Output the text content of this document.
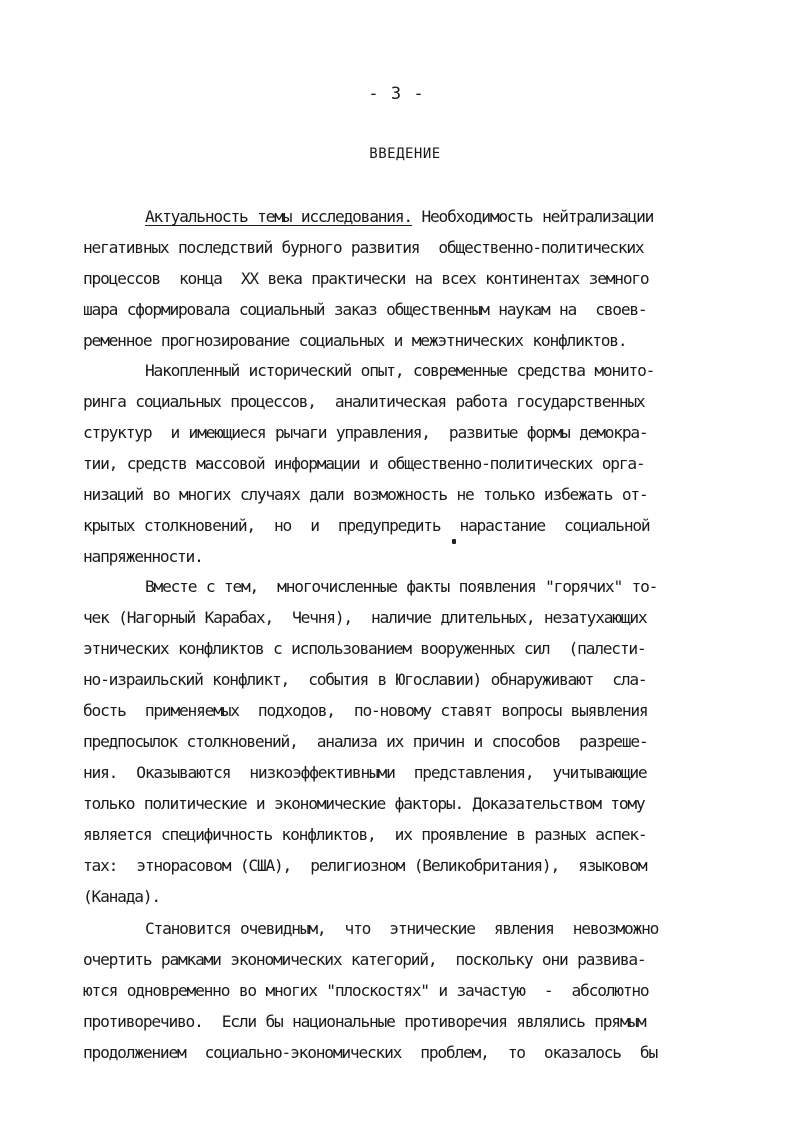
- 3 -
ВВЕДЕНИЕ
Актуальность темы исследования. Необходимость нейтрализации
негативных последствий бурного развития  общественно-политических
процессов  конца  XX века практически на всех континентах земного
шара сформировала социальный заказ общественным наукам на  своев-
ременное прогнозирование социальных и межэтнических конфликтов.
Накопленный исторический опыт, современные средства монито-
ринга социальных процессов,  аналитическая работа государственных
структур  и имеющиеся рычаги управления,  развитые формы демокра-
тии, средств массовой информации и общественно-политических орга-
низаций во многих случаях дали возможность не только избежать от-
крытых столкновений,  но  и  предупредить  нарастание  социальной
напряженности.
Вместе с тем,  многочисленные факты появления "горячих" то-
чек (Нагорный Карабах,  Чечня),  наличие длительных, незатухающих
этнических конфликтов с использованием вооруженных сил  (палести-
но-израильский конфликт,  события в Югославии) обнаруживают  сла-
бость  применяемых  подходов,  по-новому ставят вопросы выявления
предпосылок столкновений,  анализа их причин и способов  разреше-
ния.  Оказываются  низкоэффективными  представления,  учитывающие
только политические и экономические факторы. Доказательством тому
является специфичность конфликтов,  их проявление в разных аспек-
тах:  этнорасовом (США),  религиозном (Великобритания),  языковом
(Канада).
Становится очевидным,  что  этнические  явления  невозможно
очертить рамками экономических категорий,  поскольку они развива-
ются одновременно во многих "плоскостях" и зачастую  -  абсолютно
противоречиво.  Если бы национальные противоречия являлись прямым
продолжением  социально-экономических  проблем,  то  оказалось  бы
